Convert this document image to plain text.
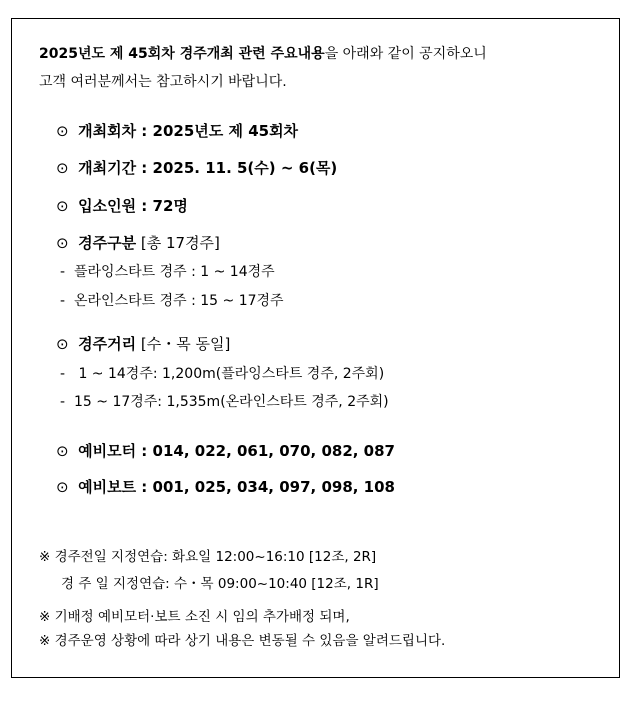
2025년도 제 45회차 경주개최 관련 주요내용을 아래와 같이 공지하오니
고객 여러분께서는 참고하시기 바랍니다.
⊙ 개최회차 : 2025년도 제 45회차
⊙ 개최기간 : 2025. 11. 5(수) ~ 6(목)
⊙ 입소인원 : 72명
⊙ 경주구분 [총 17경주]
- 플라잉스타트 경주 : 1 ~ 14경주
- 온라인스타트 경주 : 15 ~ 17경주
⊙ 경주거리 [수・목 동일]
- 1 ~ 14경주: 1,200m(플라잉스타트 경주, 2주회)
- 15 ~ 17경주: 1,535m(온라인스타트 경주, 2주회)
⊙ 예비모터 : 014, 022, 061, 070, 082, 087
⊙ 예비보트 : 001, 025, 034, 097, 098, 108
※ 경주전일 지정연습: 화요일 12:00~16:10 [12조, 2R]
경 주 일 지정연습: 수・목 09:00~10:40 [12조, 1R]
※ 기배정 예비모터·보트 소진 시 임의 추가배정 되며,
※ 경주운영 상황에 따라 상기 내용은 변동될 수 있음을 알려드립니다.
